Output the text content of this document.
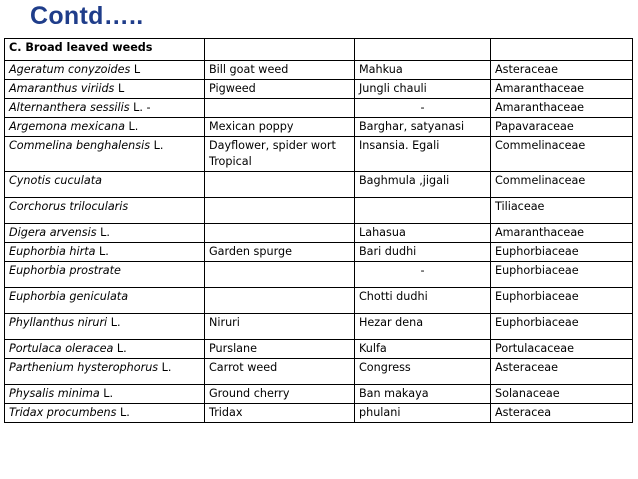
Contd…..
C. Broad leaved weeds			
Ageratum conyzoides L	Bill goat weed	Mahkua	Asteraceae
Amaranthus viriids L	Pigweed	Jungli chauli	Amaranthaceae
Alternanthera sessilis L. -		-	Amaranthaceae
Argemona mexicana L.	Mexican poppy	Barghar, satyanasi	Papavaraceae
Commelina benghalensis L.	Dayflower, spider wort Tropical	Insansia. Egali	Commelinaceae
Cynotis cuculata		Baghmula ,jigali	Commelinaceae
Corchorus trilocularis			Tiliaceae
Digera arvensis L.		Lahasua	Amaranthaceae
Euphorbia hirta L.	Garden spurge	Bari dudhi	Euphorbiaceae
Euphorbia prostrate		-	Euphorbiaceae
Euphorbia geniculata		Chotti dudhi	Euphorbiaceae
Phyllanthus niruri L.	Niruri	Hezar dena	Euphorbiaceae
Portulaca oleracea L.	Purslane	Kulfa	Portulacaceae
Parthenium hysterophorus L.	Carrot weed	Congress	Asteraceae
Physalis minima L.	Ground cherry	Ban makaya	Solanaceae
Tridax procumbens L.	Tridax	phulani	Asteracea
